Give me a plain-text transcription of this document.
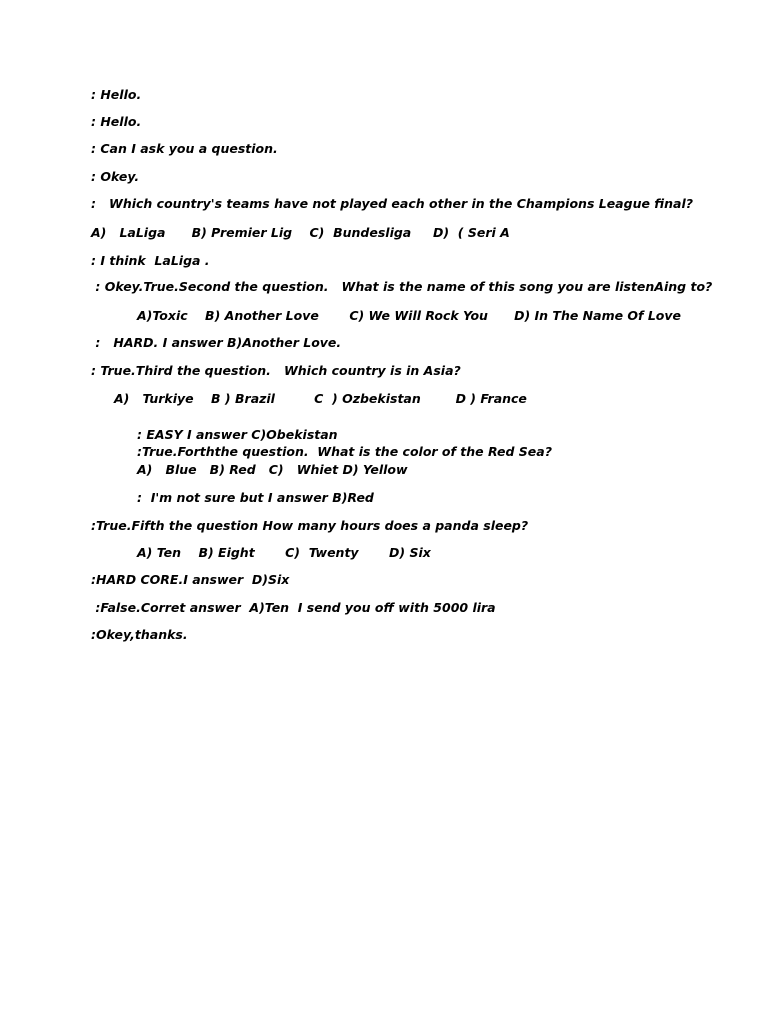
: Hello.
: Hello.
: Can I ask you a question.
: Okey.
:   Which country's teams have not played each other in the Champions League final?
A)   LaLiga      B) Premier Lig    C)  Bundesliga     D)  ( Seri A
: I think  LaLiga .
: Okey.True.Second the question.   What is the name of this song you are listenAing to?
A)Toxic    B) Another Love       C) We Will Rock You      D) In The Name Of Love
:   HARD. I answer B)Another Love.
: True.Third the question.   Which country is in Asia?
A)   Turkiye    B ) Brazil         C  ) Ozbekistan        D ) France
: EASY I answer C)Obekistan
:True.Forththe question.  What is the color of the Red Sea?
A)   Blue   B) Red   C)   Whiet D) Yellow
:  I'm not sure but I answer B)Red
:True.Fifth the question How many hours does a panda sleep?
A) Ten    B) Eight       C)  Twenty       D) Six
:HARD CORE.I answer  D)Six
:False.Corret answer  A)Ten  I send you off with 5000 lira
:Okey,thanks.
